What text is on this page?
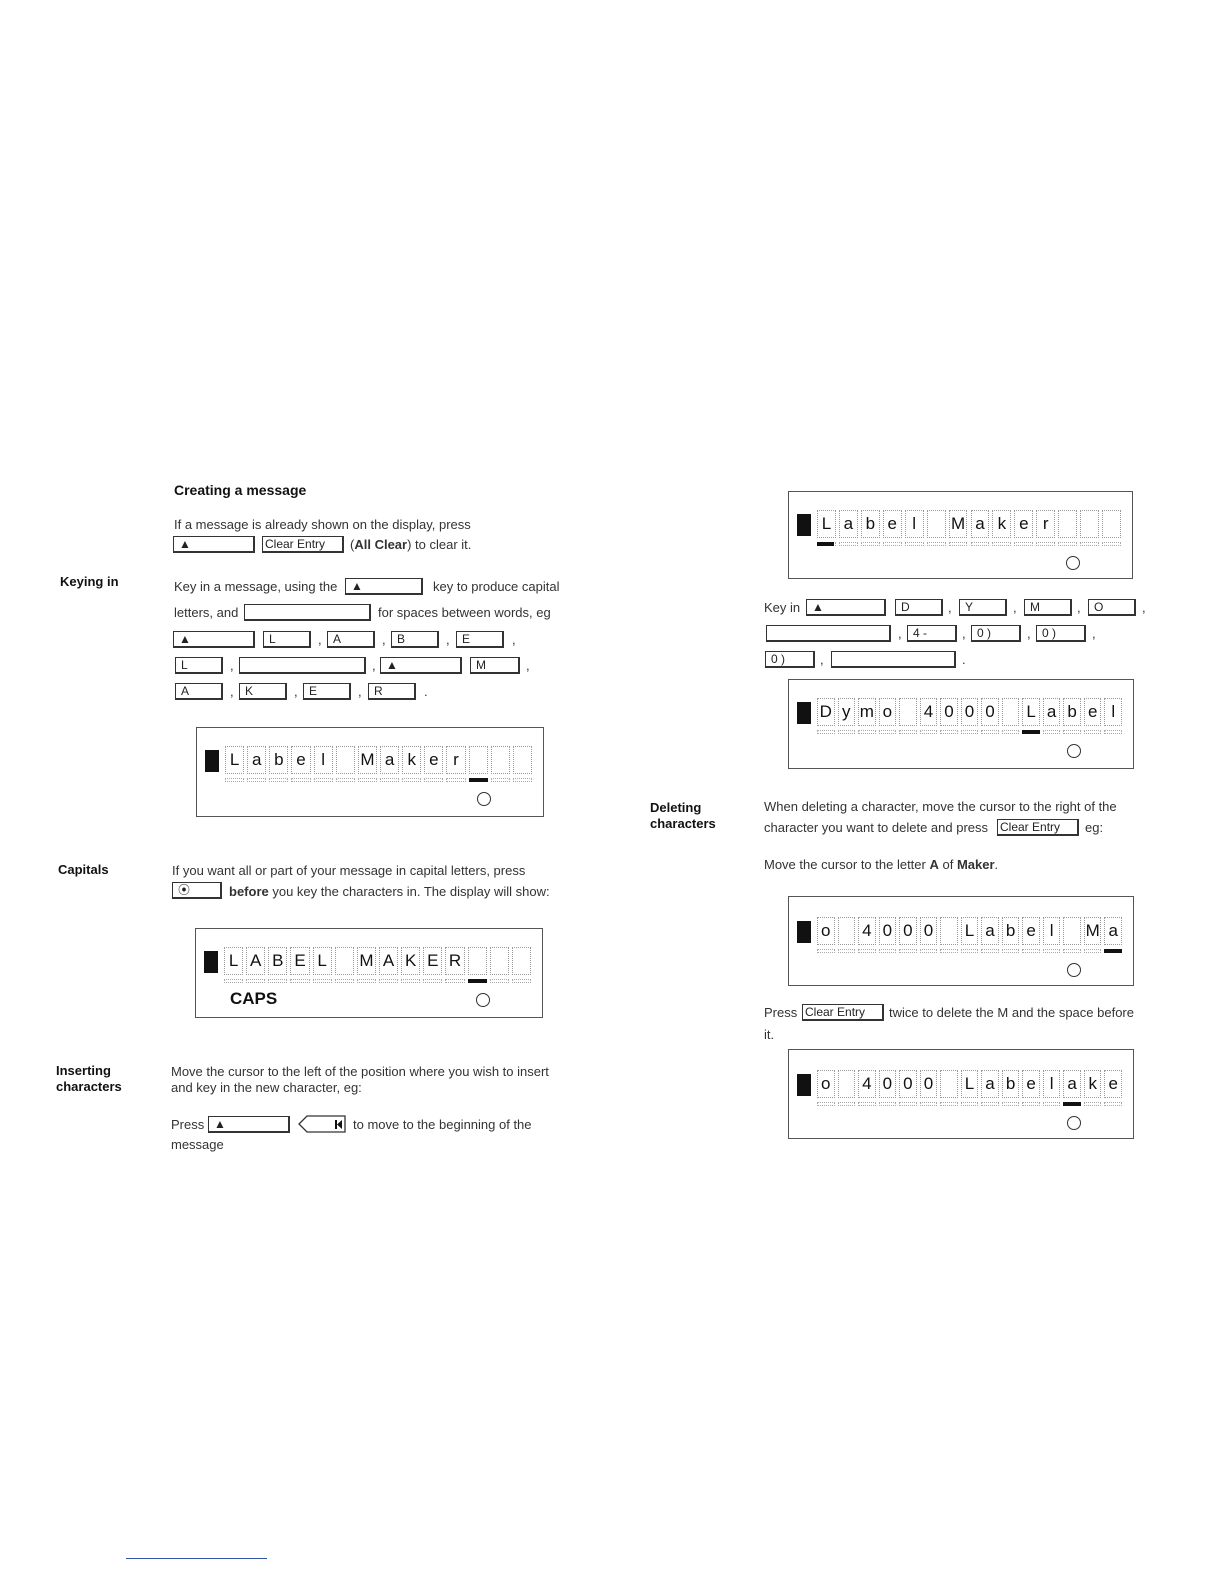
Creating a message
If a message is already shown on the display, press
▲	Clear Entry	(All Clear) to clear it.
Keying in	Key in a message, using the	▲	key to produce capital
letters, and	for spaces between words, eg
▲	L	, A	, B	,	E	,
L	,	, ▲	M	,
A	, K	, E	,	R	.
L a b e l	M a k e r
Capitals	If you want all or part of your message in capital letters, press
⦿	before you key the characters in. The display will show:
L A B E L M A K E R
CAPS
Inserting
characters
Move the cursor to the left of the position where you wish to insert
and key in the new character, eg:
Press ▲	to move to the beginning of the
message
L a b e l	M a k e r
Key in ▲	D	,	Y	,	M	,	O	,
, 4 -	, 0 )	, 0 )	,
0 )	,	.
D y m o 4 0 0 0 L a b e l
Deleting
characters
When deleting a character, move the cursor to the right of the
character you want to delete and press Clear Entry	eg:
Move the cursor to the letter A of Maker.
o 4 0 0 0 L a b e l	M a
Press Clear Entry	twice to delete the M and the space before
it.
o 4 0 0 0 L a b e l a k e
